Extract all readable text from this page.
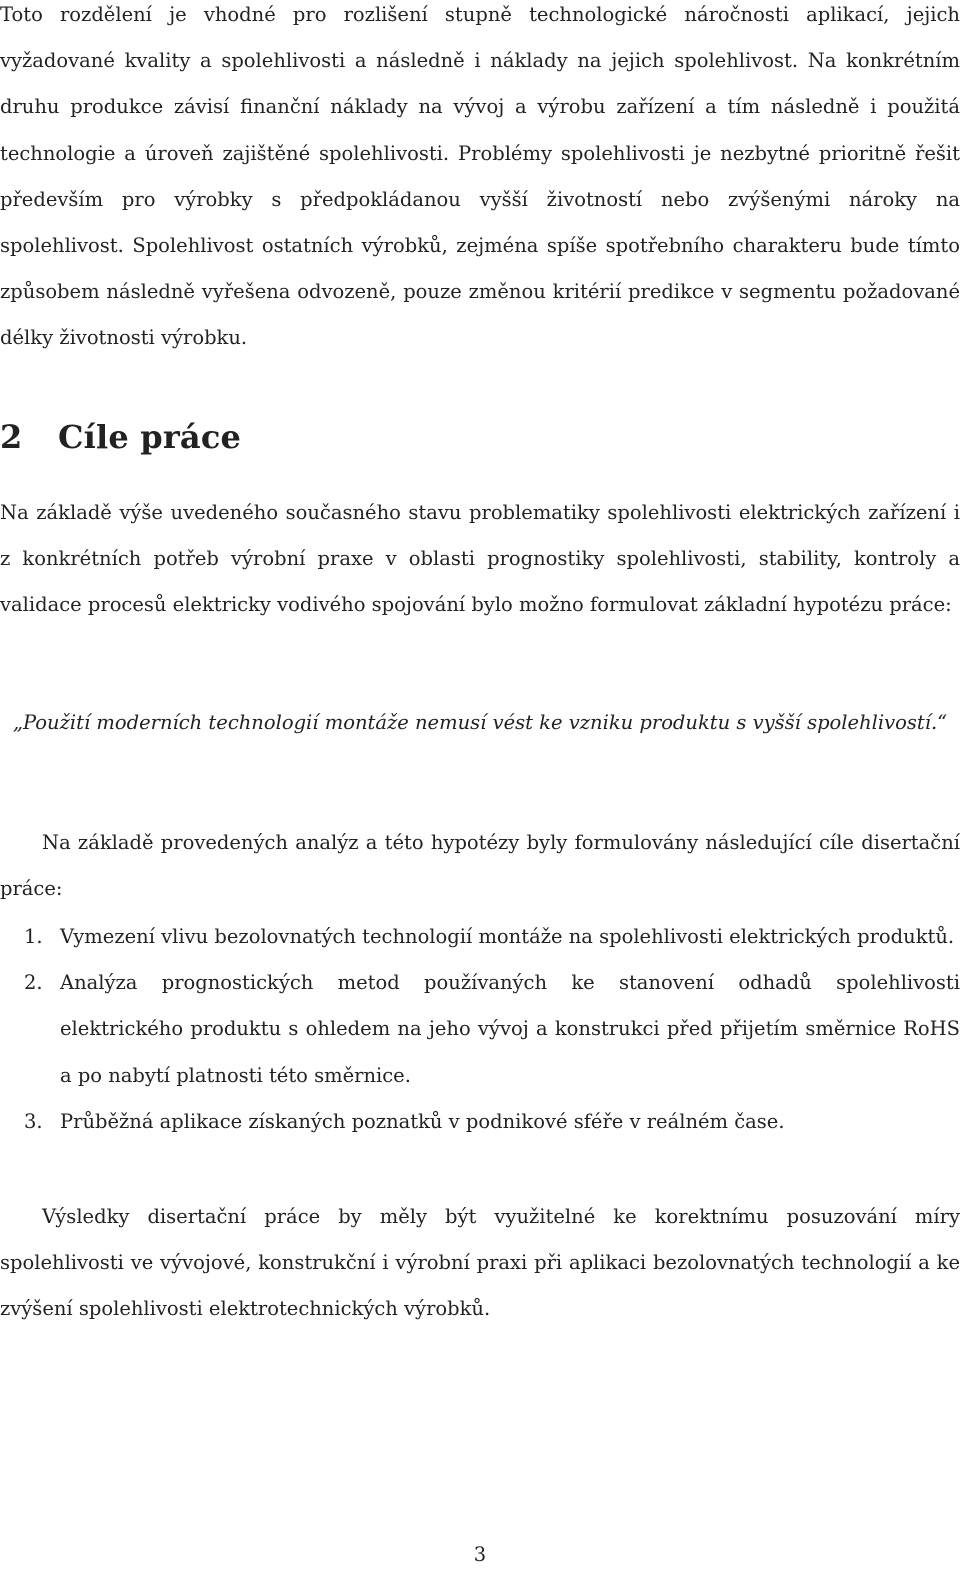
Toto rozdělení je vhodné pro rozlišení stupně technologické náročnosti aplikací, jejich vyžadované kvality a spolehlivosti a následně i náklady na jejich spolehlivost. Na konkrétním druhu produkce závisí finanční náklady na vývoj a výrobu zařízení a tím následně i použitá technologie a úroveň zajištěné spolehlivosti. Problémy spolehlivosti je nezbytné prioritně řešit především pro výrobky s předpokládanou vyšší životností nebo zvýšenými nároky na spolehlivost. Spolehlivost ostatních výrobků, zejména spíše spotřebního charakteru bude tímto způsobem následně vyřešena odvozeně, pouze změnou kritérií predikce v segmentu požadované délky životnosti výrobku.

2 Cíle práce

Na základě výše uvedeného současného stavu problematiky spolehlivosti elektrických zařízení i z konkrétních potřeb výrobní praxe v oblasti prognostiky spolehlivosti, stability, kontroly a validace procesů elektricky vodivého spojování bylo možno formulovat základní hypotézu práce:

„Použití moderních technologií montáže nemusí vést ke vzniku produktu s vyšší spolehlivostí.“

Na základě provedených analýz a této hypotézy byly formulovány následující cíle disertační práce:

1. Vymezení vlivu bezolovnatých technologií montáže na spolehlivosti elektrických produktů.
2. Analýza prognostických metod používaných ke stanovení odhadů spolehlivosti elektrického produktu s ohledem na jeho vývoj a konstrukci před přijetím směrnice RoHS a po nabytí platnosti této směrnice.
3. Průběžná aplikace získaných poznatků v podnikové sféře v reálném čase.

Výsledky disertační práce by měly být využitelné ke korektnímu posuzování míry spolehlivosti ve vývojové, konstrukční i výrobní praxi při aplikaci bezolovnatých technologií a ke zvýšení spolehlivosti elektrotechnických výrobků.

3
